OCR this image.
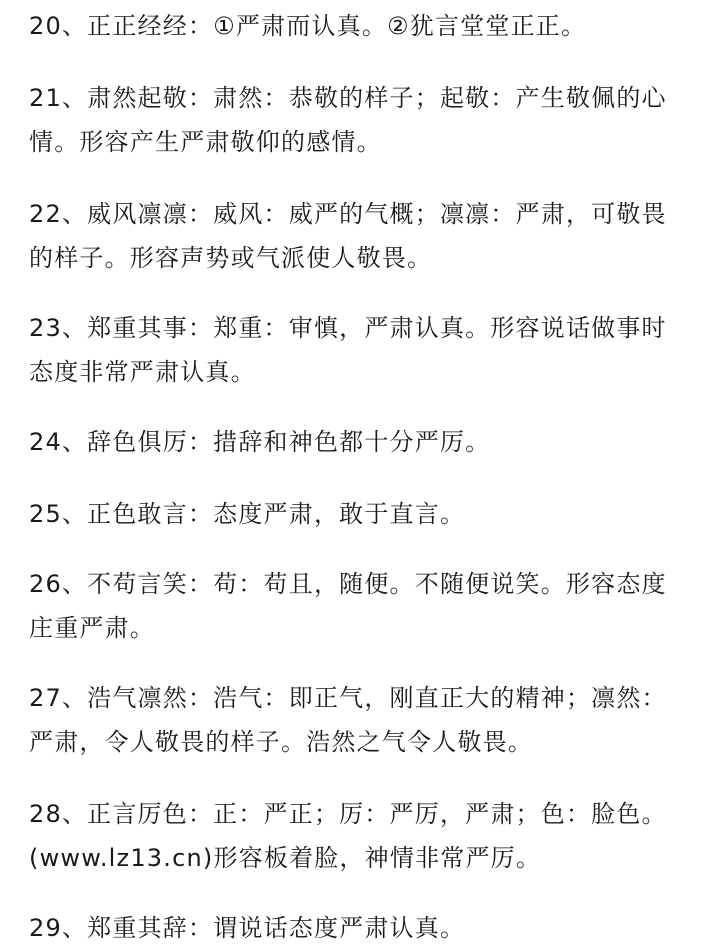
20、正正经经：①严肃而认真。②犹言堂堂正正。

21、肃然起敬：肃然：恭敬的样子；起敬：产生敬佩的心情。形容产生严肃敬仰的感情。

22、威风凛凛：威风：威严的气概；凛凛：严肃，可敬畏的样子。形容声势或气派使人敬畏。

23、郑重其事：郑重：审慎，严肃认真。形容说话做事时态度非常严肃认真。

24、辞色俱厉：措辞和神色都十分严厉。

25、正色敢言：态度严肃，敢于直言。

26、不苟言笑：苟：苟且，随便。不随便说笑。形容态度庄重严肃。

27、浩气凛然：浩气：即正气，刚直正大的精神；凛然：严肃，令人敬畏的样子。浩然之气令人敬畏。

28、正言厉色：正：严正；厉：严厉，严肃；色：脸色。(www.lz13.cn)形容板着脸，神情非常严厉。

29、郑重其辞：谓说话态度严肃认真。
